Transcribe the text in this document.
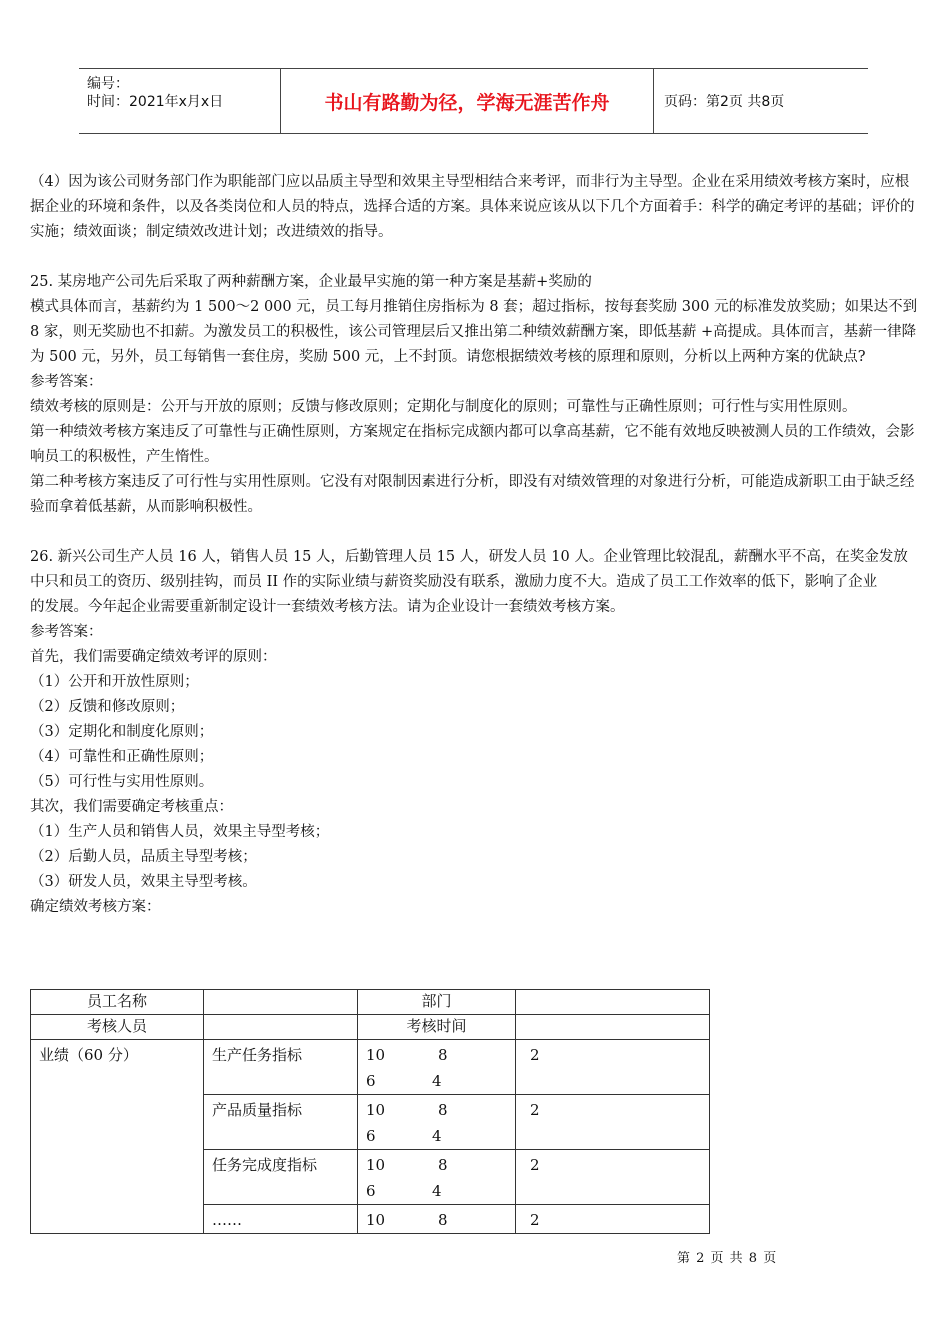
编号：
时间：2021年x月x日	书山有路勤为径，学海无涯苦作舟	页码：第2页 共8页

（4）因为该公司财务部门作为职能部门应以品质主导型和效果主导型相结合来考评，而非行为主导型。企业在采用绩效考核方案时，应根据企业的环境和条件，以及各类岗位和人员的特点，选择合适的方案。具体来说应该从以下几个方面着手：科学的确定考评的基础；评价的实施；绩效面谈；制定绩效改进计划；改进绩效的指导。

25. 某房地产公司先后采取了两种薪酬方案，企业最早实施的第一种方案是基薪+奖励的

模式具体而言，基薪约为 1 500～2 000 元，员工每月推销住房指标为 8 套；超过指标，按每套奖励 300 元的标准发放奖励；如果达不到 8 家，则无奖励也不扣薪。为激发员工的积极性，该公司管理层后又推出第二种绩效薪酬方案，即低基薪 +高提成。具体而言，基薪一律降为 500 元，另外，员工每销售一套住房，奖励 500 元，上不封顶。请您根据绩效考核的原理和原则，分析以上两种方案的优缺点?

参考答案：

绩效考核的原则是：公开与开放的原则；反馈与修改原则；定期化与制度化的原则；可靠性与正确性原则；可行性与实用性原则。

第一种绩效考核方案违反了可靠性与正确性原则，方案规定在指标完成额内都可以拿高基薪，它不能有效地反映被测人员的工作绩效，会影响员工的积极性，产生惰性。

第二种考核方案违反了可行性与实用性原则。它没有对限制因素进行分析，即没有对绩效管理的对象进行分析，可能造成新职工由于缺乏经验而拿着低基薪，从而影响积极性。

26. 新兴公司生产人员 16 人，销售人员 15 人，后勤管理人员 15 人，研发人员 10 人。企业管理比较混乱，薪酬水平不高，在奖金发放中只和员工的资历、级别挂钩，而员 II 作的实际业绩与薪资奖励没有联系，激励力度不大。造成了员工工作效率的低下，影响了企业

的发展。今年起企业需要重新制定设计一套绩效考核方法。请为企业设计一套绩效考核方案。

参考答案：

首先，我们需要确定绩效考评的原则：

（1）公开和开放性原则；

（2）反馈和修改原则；

（3）定期化和制度化原则；

（4）可靠性和正确性原则；

（5）可行性与实用性原则。

其次，我们需要确定考核重点：

（1）生产人员和销售人员，效果主导型考核；

（2）后勤人员，品质主导型考核；

（3）研发人员，效果主导型考核。

确定绩效考核方案：

员工名称		部门	
考核人员		考核时间	
业绩（60 分）	生产任务指标	10 8
6 4	2
	产品质量指标	10 8
6 4	2
	任务完成度指标	10 8
6 4	2
	……	10 8	2
第 2 页 共 8 页
